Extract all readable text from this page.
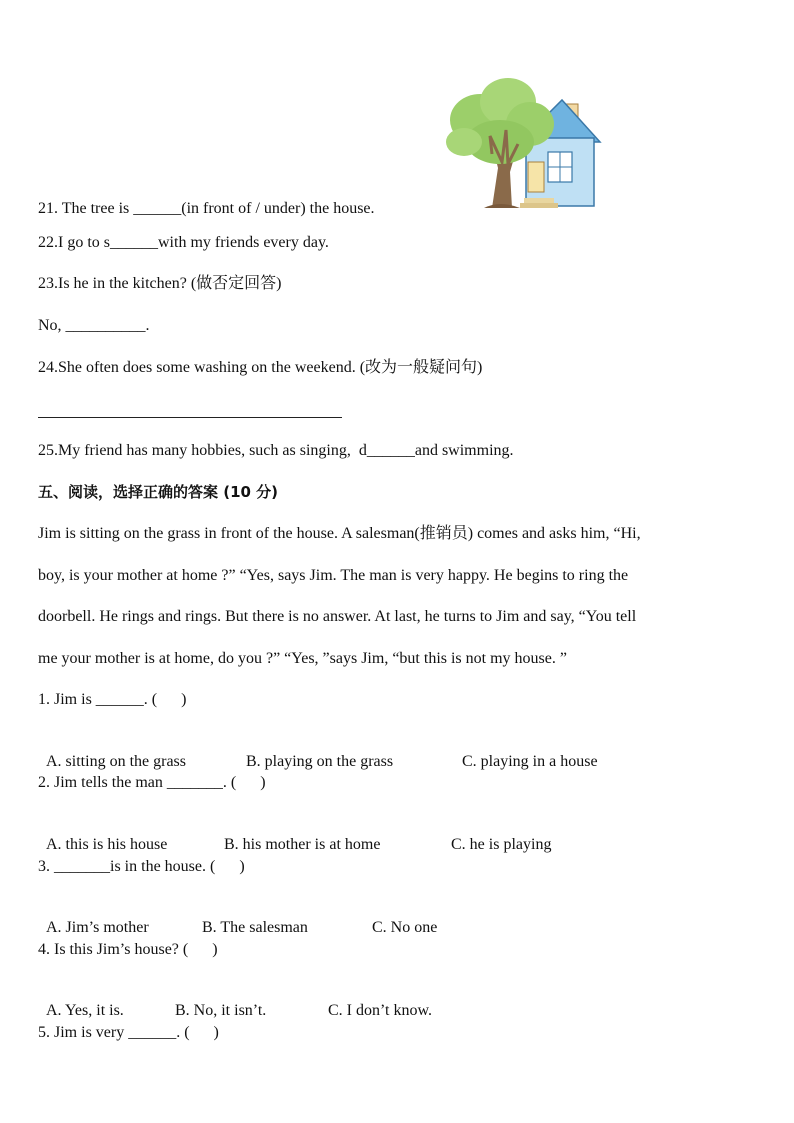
21. The tree is ______(in front of / under) the house.
22.I go to s______with my friends every day.
23.Is he in the kitchen? (做否定回答)
No, __________.
24.She often does some washing on the weekend. (改为一般疑问句)
25.My friend has many hobbies, such as singing,  d______and swimming.
五、阅读，选择正确的答案 (10 分)
Jim is sitting on the grass in front of the house. A salesman(推销员) comes and asks him, “Hi,
boy, is your mother at home ?” “Yes, says Jim. The man is very happy. He begins to ring the
doorbell. He rings and rings. But there is no answer. At last, he turns to Jim and say, “You tell
me your mother is at home, do you ?” “Yes, ”says Jim, “but this is not my house. ”
1. Jim is ______. (      )

A. sitting on the grass	B. playing on the grass	C. playing in a house

2. Jim tells the man _______. (      )

A. this is his house	B. his mother is at home	C. he is playing

3. _______is in the house. (      )

A. Jim’s mother	B. The salesman	C. No one

4. Is this Jim’s house? (      )

A. Yes, it is.	B. No, it isn’t.	C. I don’t know.

5. Jim is very ______. (      )
